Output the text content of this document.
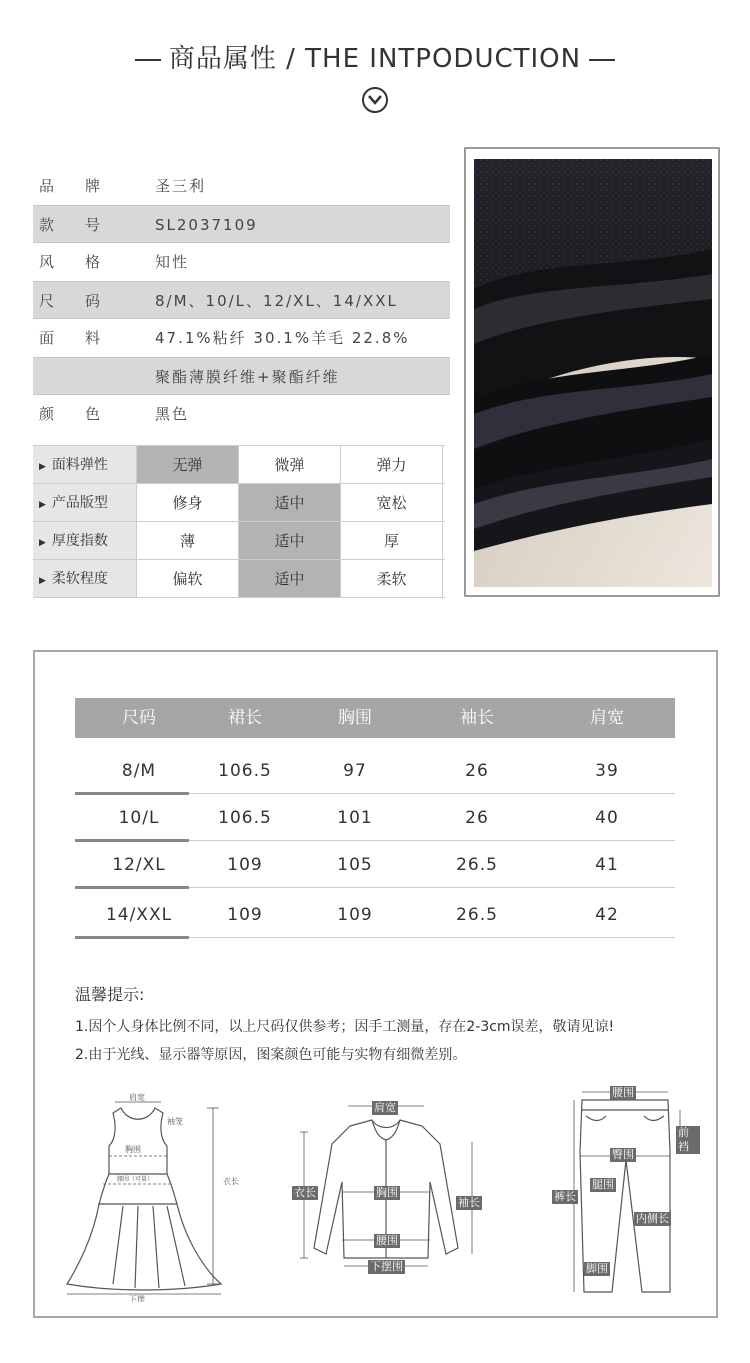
商品属性 / THE INTPODUCTION
品 牌	圣三利
款 号	SL2037109
风 格	知性
尺 码	8/M、10/L、12/XL、14/XXL
面 料	47.1%粘纤 30.1%羊毛 22.8%
聚酯薄膜纤维+聚酯纤维
颜 色	黑色
▶ 面料弹性	无弹	微弹	弹力
▶ 产品版型	修身	适中	宽松
▶ 厚度指数	薄	适中	厚
▶ 柔软程度	偏软	适中	柔软
尺码	裙长	胸围	袖长	肩宽
8/M	106.5	97	26	39
10/L	106.5	101	26	40
12/XL	109	105	26.5	41
14/XXL	109	109	26.5	42
温馨提示:
1.因个人身体比例不同，以上尺码仅供参考；因手工测量，存在2-3cm误差，敬请见谅!
2.由于光线、显示器等原因，图案颜色可能与实物有细微差别。
肩宽
胸围
袖笼
腰围（可量）	衣长
下摆
肩宽
衣长	胸围
袖长
腰围
下摆围
腰围
前裆
臀围
腿围
裤长
内侧长
脚围
